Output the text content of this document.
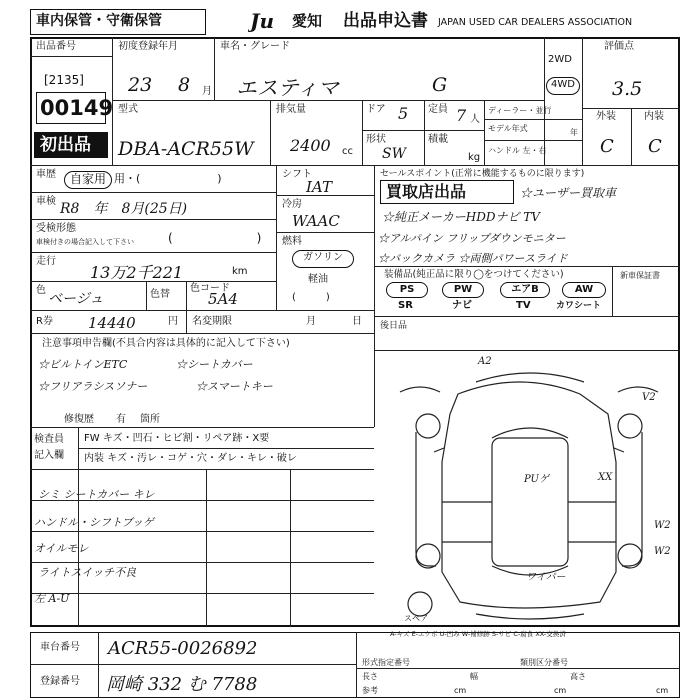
車内保管・守衛保管	Ju 愛知 出品申込書 JAPAN USED CAR DEALERS ASSOCIATION
出品番号
[2135]
00149
初出品
初度登録年月
23 8 月
車名・グレード
エスティマ	G
2WD
4WD
評価点
3.5
外装	内装
C C
型式
DBA-ACR55W
排気量
2400 cc
ドア 5 定員 7 人
形状
SW
積載
kg
ディーラー・並行
モデル年式	年
ハンドル 左・右
車歴	自家用 用・(　　　　　　　)
車検 R8　年　8月(25日)
受検形態
車検付きの場合記入して下さい	(　　　　　　　)
走行
13万2千221	km
色
ベージュ	色替
色コード
5A4
R券 14440	円 名変期限	月	日
シフト
IAT
冷房
WAAC
燃料
ガソリン
軽油
(　　　)
セールスポイント(正常に機能するものに限ります)
買取店出品	☆ユーザー買取車
☆純正メーカーHDDナビ TV
☆アルパイン フリップダウンモニター
☆バックカメラ ☆両側パワースライド
装備品(純正品に限り◯をつけてください)	新車保証書
PS	PW	エアB	AW
SR	ナビ	TV	カワシート
後日品
注意事項申告欄(不具合内容は具体的に記入して下さい)
☆ビルトインETC	☆シートカバー
☆フリアラシスソナー	☆スマートキー
修復歴 有 箇所
検査員
記入欄
FW キズ・凹石・ヒビ割・リペア跡・X要
内装 キズ・汚レ・コゲ・穴・ダレ・キレ・破レ
シミ シートカバー キレ
ハンドル・シフトブッゲ
オイルモレ
ライトスイッチ不良
左 A-U
A2
V2
PUゲ	XX
W2
ワイパー
W2
スペア
A-キズ E-エクボ U-凹み W-補修跡 S-サビ C-腐食 XX-交換済
車台番号 ACR55-0026892
登録番号 岡崎 332 む 7788
形式指定番号	類別区分番号
長さ	幅	高さ
参考	cm	cm	cm
